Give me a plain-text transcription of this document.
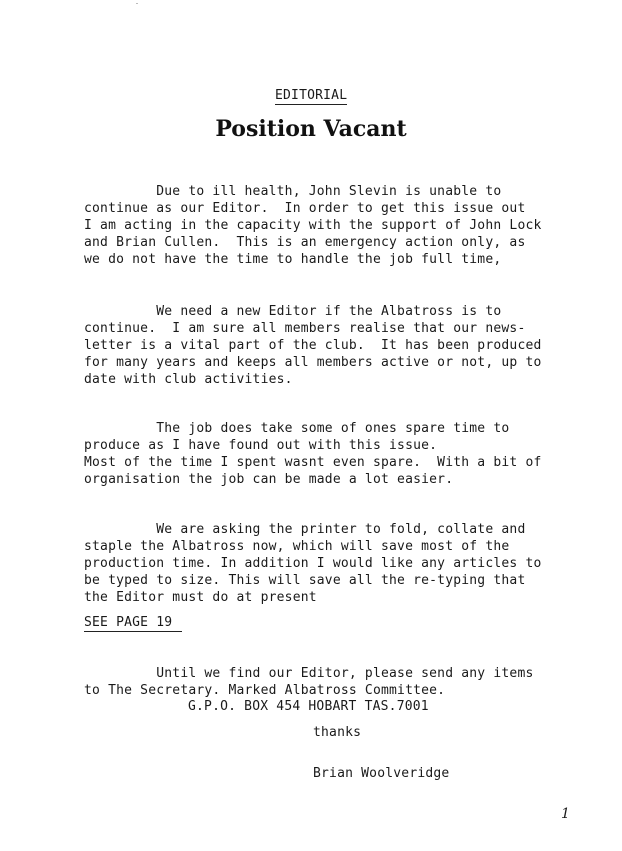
EDITORIAL
Position Vacant
Due to ill health, John Slevin is unable to
continue as our Editor.  In order to get this issue out
I am acting in the capacity with the support of John Lock
and Brian Cullen.  This is an emergency action only, as
we do not have the time to handle the job full time,
We need a new Editor if the Albatross is to
continue.  I am sure all members realise that our news-
letter is a vital part of the club.  It has been produced
for many years and keeps all members active or not, up to
date with club activities.
The job does take some of ones spare time to
produce as I have found out with this issue.
Most of the time I spent wasnt even spare.  With a bit of
organisation the job can be made a lot easier.
We are asking the printer to fold, collate and
staple the Albatross now, which will save most of the
production time. In addition I would like any articles to
be typed to size. This will save all the re-typing that
the Editor must do at present
SEE PAGE 19
Until we find our Editor, please send any items
to The Secretary. Marked Albatross Committee.
G.P.O. BOX 454 HOBART TAS.7001
thanks
Brian Woolveridge
1
